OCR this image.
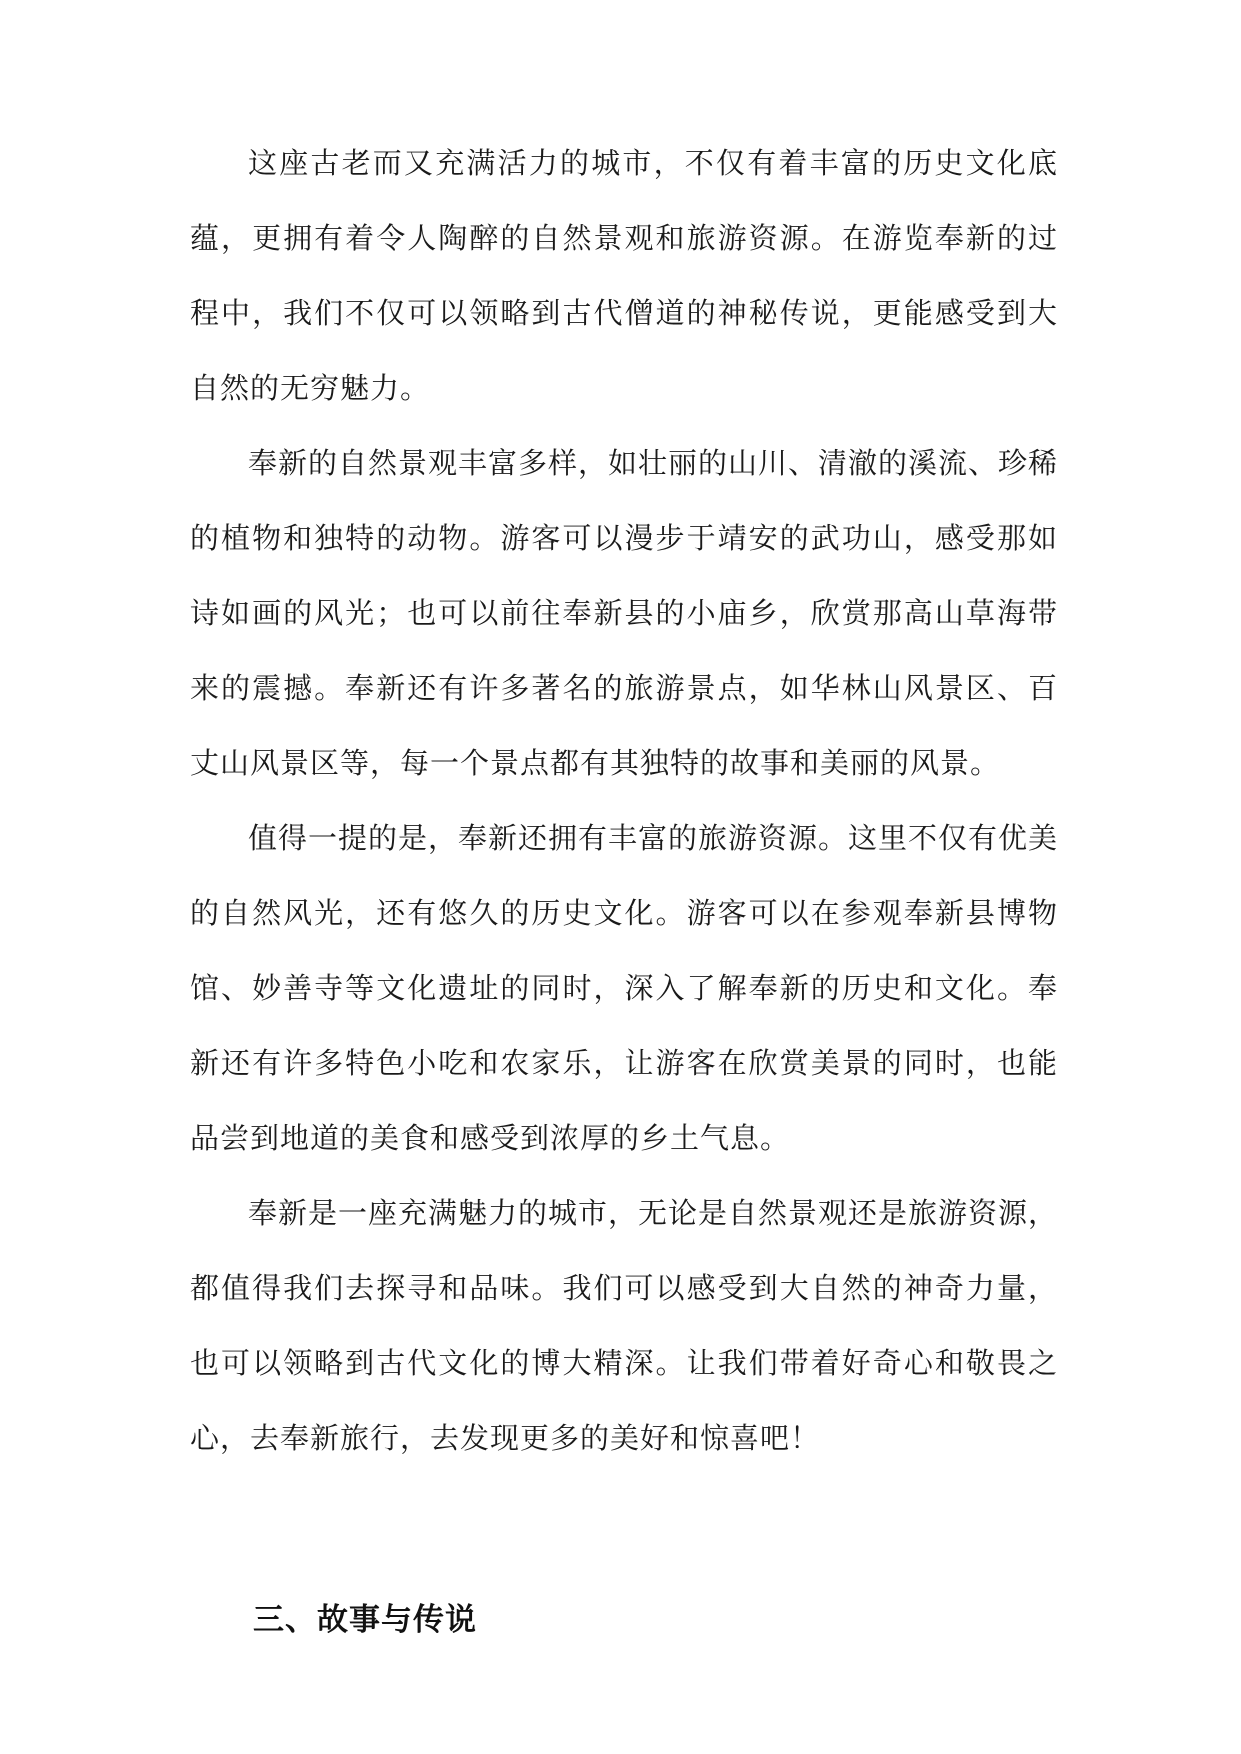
这座古老而又充满活力的城市，不仅有着丰富的历史文化底蕴，更拥有着令人陶醉的自然景观和旅游资源。在游览奉新的过程中，我们不仅可以领略到古代僧道的神秘传说，更能感受到大自然的无穷魅力。

奉新的自然景观丰富多样，如壮丽的山川、清澈的溪流、珍稀的植物和独特的动物。游客可以漫步于靖安的武功山，感受那如诗如画的风光；也可以前往奉新县的小庙乡，欣赏那高山草海带来的震撼。奉新还有许多著名的旅游景点，如华林山风景区、百丈山风景区等，每一个景点都有其独特的故事和美丽的风景。

值得一提的是，奉新还拥有丰富的旅游资源。这里不仅有优美的自然风光，还有悠久的历史文化。游客可以在参观奉新县博物馆、妙善寺等文化遗址的同时，深入了解奉新的历史和文化。奉新还有许多特色小吃和农家乐，让游客在欣赏美景的同时，也能品尝到地道的美食和感受到浓厚的乡土气息。

奉新是一座充满魅力的城市，无论是自然景观还是旅游资源，都值得我们去探寻和品味。我们可以感受到大自然的神奇力量，也可以领略到古代文化的博大精深。让我们带着好奇心和敬畏之心，去奉新旅行，去发现更多的美好和惊喜吧！

三、故事与传说
